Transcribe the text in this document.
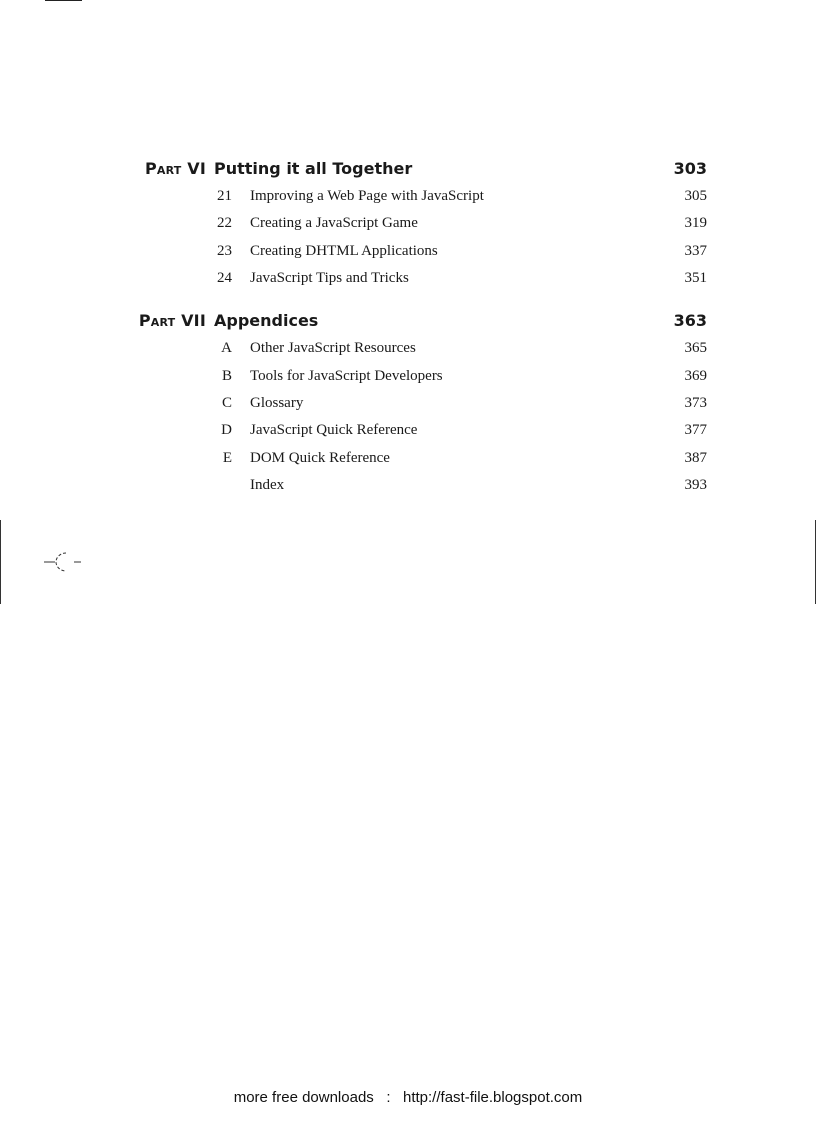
Part VI Putting it all Together	303
21 Improving a Web Page with JavaScript	305
22 Creating a JavaScript Game	319
23 Creating DHTML Applications	337
24 JavaScript Tips and Tricks	351
Part VII Appendices	363
A Other JavaScript Resources	365
B Tools for JavaScript Developers	369
C Glossary	373
D JavaScript Quick Reference	377
E DOM Quick Reference	387
Index	393
more free downloads : http://fast-file.blogspot.com
